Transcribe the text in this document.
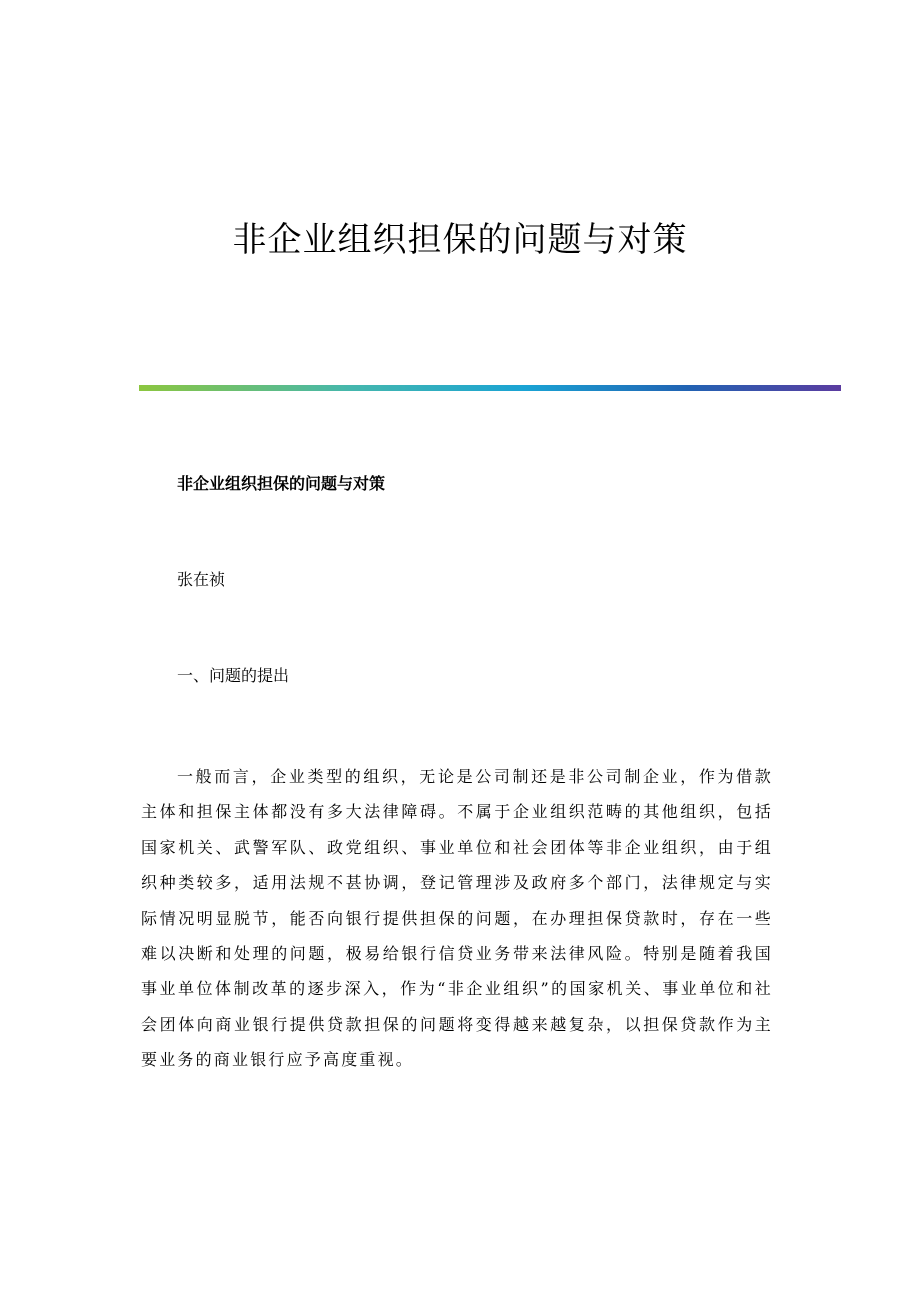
非企业组织担保的问题与对策

非企业组织担保的问题与对策

张在祯

一、问题的提出

一般而言，企业类型的组织，无论是公司制还是非公司制企业，作为借款主体和担保主体都没有多大法律障碍。不属于企业组织范畴的其他组织，包括国家机关、武警军队、政党组织、事业单位和社会团体等非企业组织，由于组织种类较多，适用法规不甚协调，登记管理涉及政府多个部门，法律规定与实际情况明显脱节，能否向银行提供担保的问题，在办理担保贷款时，存在一些难以决断和处理的问题，极易给银行信贷业务带来法律风险。特别是随着我国事业单位体制改革的逐步深入，作为“非企业组织”的国家机关、事业单位和社会团体向商业银行提供贷款担保的问题将变得越来越复杂，以担保贷款作为主要业务的商业银行应予高度重视。
